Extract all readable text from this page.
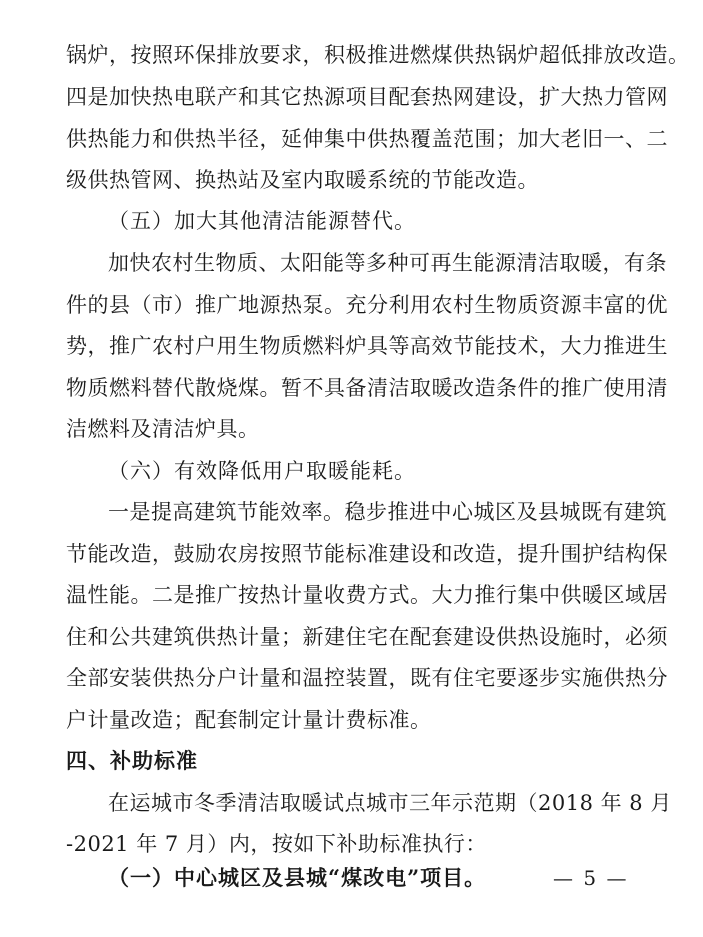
锅炉，按照环保排放要求，积极推进燃煤供热锅炉超低排放改造。
四是加快热电联产和其它热源项目配套热网建设，扩大热力管网
供热能力和供热半径，延伸集中供热覆盖范围；加大老旧一、二
级供热管网、换热站及室内取暖系统的节能改造。
（五）加大其他清洁能源替代。
加快农村生物质、太阳能等多种可再生能源清洁取暖，有条
件的县（市）推广地源热泵。充分利用农村生物质资源丰富的优
势，推广农村户用生物质燃料炉具等高效节能技术，大力推进生
物质燃料替代散烧煤。暂不具备清洁取暖改造条件的推广使用清
洁燃料及清洁炉具。
（六）有效降低用户取暖能耗。
一是提高建筑节能效率。稳步推进中心城区及县城既有建筑
节能改造，鼓励农房按照节能标准建设和改造，提升围护结构保
温性能。二是推广按热计量收费方式。大力推行集中供暖区域居
住和公共建筑供热计量；新建住宅在配套建设供热设施时，必须
全部安装供热分户计量和温控装置，既有住宅要逐步实施供热分
户计量改造；配套制定计量计费标准。
四、补助标准
在运城市冬季清洁取暖试点城市三年示范期（2018 年 8 月
-2021 年 7 月）内，按如下补助标准执行：
（一）中心城区及县城“煤改电”项目。	— 5 —
